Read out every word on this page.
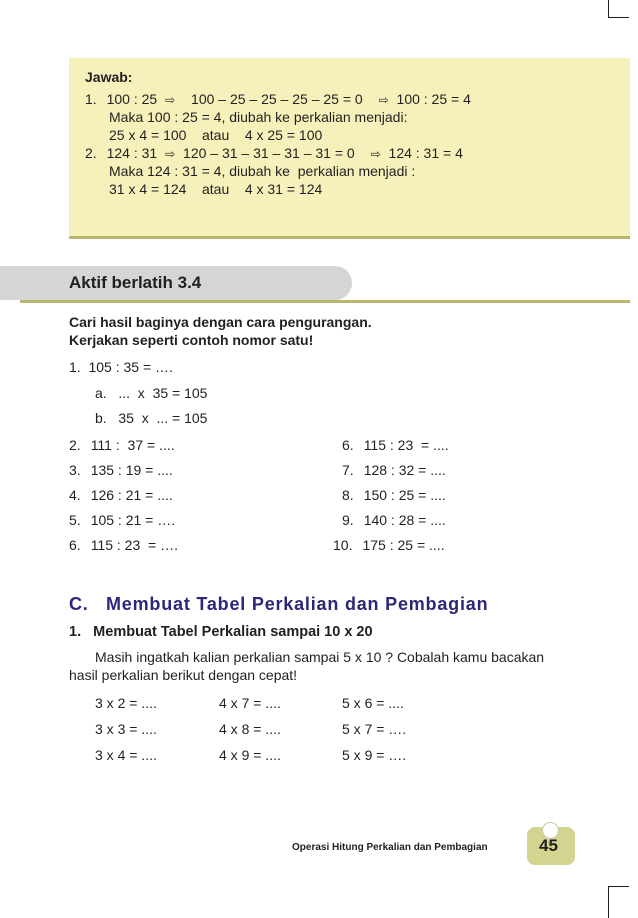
Jawab:
1. 100 : 25 ⇨ 100 – 25 – 25 – 25 – 25 = 0 ⇨ 100 : 25 = 4
Maka 100 : 25 = 4, diubah ke perkalian menjadi:
25 x 4 = 100    atau    4 x 25 = 100
2. 124 : 31 ⇨ 120 – 31 – 31 – 31 – 31 = 0 ⇨ 124 : 31 = 4
Maka 124 : 31 = 4, diubah ke  perkalian menjadi :
31 x 4 = 124    atau    4 x 31 = 124
Aktif berlatih 3.4
Cari hasil baginya dengan cara pengurangan.
Kerjakan seperti contoh nomor satu!
1.  105 : 35 = ….
a.   ...  x  35 = 105
b.   35  x  ... = 105
2. 111 :  37 = ....
3. 135 : 19 = ....
4. 126 : 21 = ....
5. 105 : 21 = ….
6. 115 : 23  = ….
6. 115 : 23  = ....
7. 128 : 32 = ....
8. 150 : 25 = ....
9. 140 : 28 = ....
10. 175 : 25 = ....
C.   Membuat Tabel Perkalian dan Pembagian
1.   Membuat Tabel Perkalian sampai 10 x 20
Masih ingatkah kalian perkalian sampai 5 x 10 ? Cobalah kamu bacakan
hasil perkalian berikut dengan cepat!
3 x 2 = ....	4 x 7 = ....	5 x 6 = ....
3 x 3 = ....	4 x 8 = ....	5 x 7 = ….
3 x 4 = ....	4 x 9 = ....	5 x 9 = ….
Operasi Hitung Perkalian dan Pembagian	45
